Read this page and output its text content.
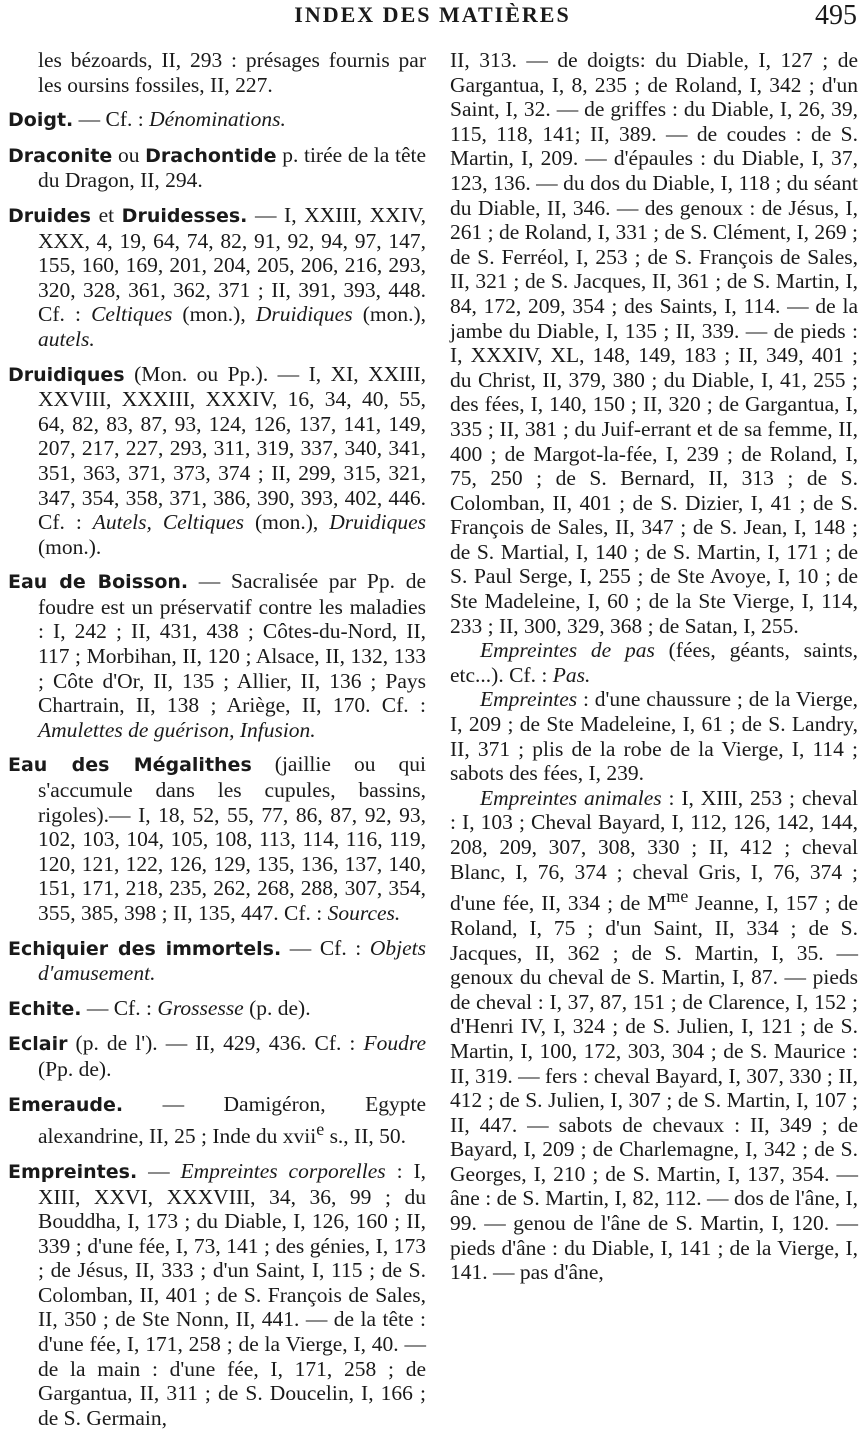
INDEX DES MATIÈRES	495

les bézoards, II, 293 : présages fournis par les oursins fossiles, II, 227.

Doigt. — Cf. : Dénominations.

Draconite ou Drachontide p. tirée de la tête du Dragon, II, 294.

Druides et Druidesses. — I, XXIII, XXIV, XXX, 4, 19, 64, 74, 82, 91, 92, 94, 97, 147, 155, 160, 169, 201, 204, 205, 206, 216, 293, 320, 328, 361, 362, 371 ; II, 391, 393, 448. Cf. : Celtiques (mon.), Druidiques (mon.), autels.

Druidiques (Mon. ou Pp.). — I, XI, XXIII, XXVIII, XXXIII, XXXIV, 16, 34, 40, 55, 64, 82, 83, 87, 93, 124, 126, 137, 141, 149, 207, 217, 227, 293, 311, 319, 337, 340, 341, 351, 363, 371, 373, 374 ; II, 299, 315, 321, 347, 354, 358, 371, 386, 390, 393, 402, 446. Cf. : Autels, Celtiques (mon.), Druidiques (mon.).

Eau de Boisson. — Sacralisée par Pp. de foudre est un préservatif contre les maladies : I, 242 ; II, 431, 438 ; Côtes-du-Nord, II, 117 ; Morbihan, II, 120 ; Alsace, II, 132, 133 ; Côte d'Or, II, 135 ; Allier, II, 136 ; Pays Chartrain, II, 138 ; Ariège, II, 170. Cf. : Amulettes de guérison, Infusion.

Eau des Mégalithes (jaillie ou qui s'accumule dans les cupules, bassins, rigoles).— I, 18, 52, 55, 77, 86, 87, 92, 93, 102, 103, 104, 105, 108, 113, 114, 116, 119, 120, 121, 122, 126, 129, 135, 136, 137, 140, 151, 171, 218, 235, 262, 268, 288, 307, 354, 355, 385, 398 ; II, 135, 447. Cf. : Sources.

Echiquier des immortels. — Cf. : Objets d'amusement.

Echite. — Cf. : Grossesse (p. de).

Eclair (p. de l'). — II, 429, 436. Cf. : Foudre (Pp. de).

Emeraude. — Damigéron, Egypte alexandrine, II, 25 ; Inde du xvii$^e$ s., II, 50.

Empreintes. — Empreintes corporelles : I, XIII, XXVI, XXXVIII, 34, 36, 99 ; du Bouddha, I, 173 ; du Diable, I, 126, 160 ; II, 339 ; d'une fée, I, 73, 141 ; des génies, I, 173 ; de Jésus, II, 333 ; d'un Saint, I, 115 ; de S. Colomban, II, 401 ; de S. François de Sales, II, 350 ; de Ste Nonn, II, 441. — de la tête : d'une fée, I, 171, 258 ; de la Vierge, I, 40. — de la main : d'une fée, I, 171, 258 ; de Gargantua, II, 311 ; de S. Doucelin, I, 166 ; de S. Germain,

II, 313. — de doigts: du Diable, I, 127 ; de Gargantua, I, 8, 235 ; de Roland, I, 342 ; d'un Saint, I, 32. — de griffes : du Diable, I, 26, 39, 115, 118, 141; II, 389. — de coudes : de S. Martin, I, 209. — d'épaules : du Diable, I, 37, 123, 136. — du dos du Diable, I, 118 ; du séant du Diable, II, 346. — des genoux : de Jésus, I, 261 ; de Roland, I, 331 ; de S. Clément, I, 269 ; de S. Ferréol, I, 253 ; de S. François de Sales, II, 321 ; de S. Jacques, II, 361 ; de S. Martin, I, 84, 172, 209, 354 ; des Saints, I, 114. — de la jambe du Diable, I, 135 ; II, 339. — de pieds : I, XXXIV, XL, 148, 149, 183 ; II, 349, 401 ; du Christ, II, 379, 380 ; du Diable, I, 41, 255 ; des fées, I, 140, 150 ; II, 320 ; de Gargantua, I, 335 ; II, 381 ; du Juif-errant et de sa femme, II, 400 ; de Margot-la-fée, I, 239 ; de Roland, I, 75, 250 ; de S. Bernard, II, 313 ; de S. Colomban, II, 401 ; de S. Dizier, I, 41 ; de S. François de Sales, II, 347 ; de S. Jean, I, 148 ; de S. Martial, I, 140 ; de S. Martin, I, 171 ; de S. Paul Serge, I, 255 ; de Ste Avoye, I, 10 ; de Ste Madeleine, I, 60 ; de la Ste Vierge, I, 114, 233 ; II, 300, 329, 368 ; de Satan, I, 255.

Empreintes de pas (fées, géants, saints, etc...). Cf. : Pas.

Empreintes : d'une chaussure ; de la Vierge, I, 209 ; de Ste Madeleine, I, 61 ; de S. Landry, II, 371 ; plis de la robe de la Vierge, I, 114 ; sabots des fées, I, 239.

Empreintes animales : I, XIII, 253 ; cheval : I, 103 ; Cheval Bayard, I, 112, 126, 142, 144, 208, 209, 307, 308, 330 ; II, 412 ; cheval Blanc, I, 76, 374 ; cheval Gris, I, 76, 374 ; d'une fée, II, 334 ; de $M^{me}$ Jeanne, I, 157 ; de Roland, I, 75 ; d'un Saint, II, 334 ; de S. Jacques, II, 362 ; de S. Martin, I, 35. — genoux du cheval de S. Martin, I, 87. — pieds de cheval : I, 37, 87, 151 ; de Clarence, I, 152 ; d'Henri IV, I, 324 ; de S. Julien, I, 121 ; de S. Martin, I, 100, 172, 303, 304 ; de S. Maurice : II, 319. — fers : cheval Bayard, I, 307, 330 ; II, 412 ; de S. Julien, I, 307 ; de S. Martin, I, 107 ; II, 447. — sabots de chevaux : II, 349 ; de Bayard, I, 209 ; de Charlemagne, I, 342 ; de S. Georges, I, 210 ; de S. Martin, I, 137, 354. — âne : de S. Martin, I, 82, 112. — dos de l'âne, I, 99. — genou de l'âne de S. Martin, I, 120. — pieds d'âne : du Diable, I, 141 ; de la Vierge, I, 141. — pas d'âne,
